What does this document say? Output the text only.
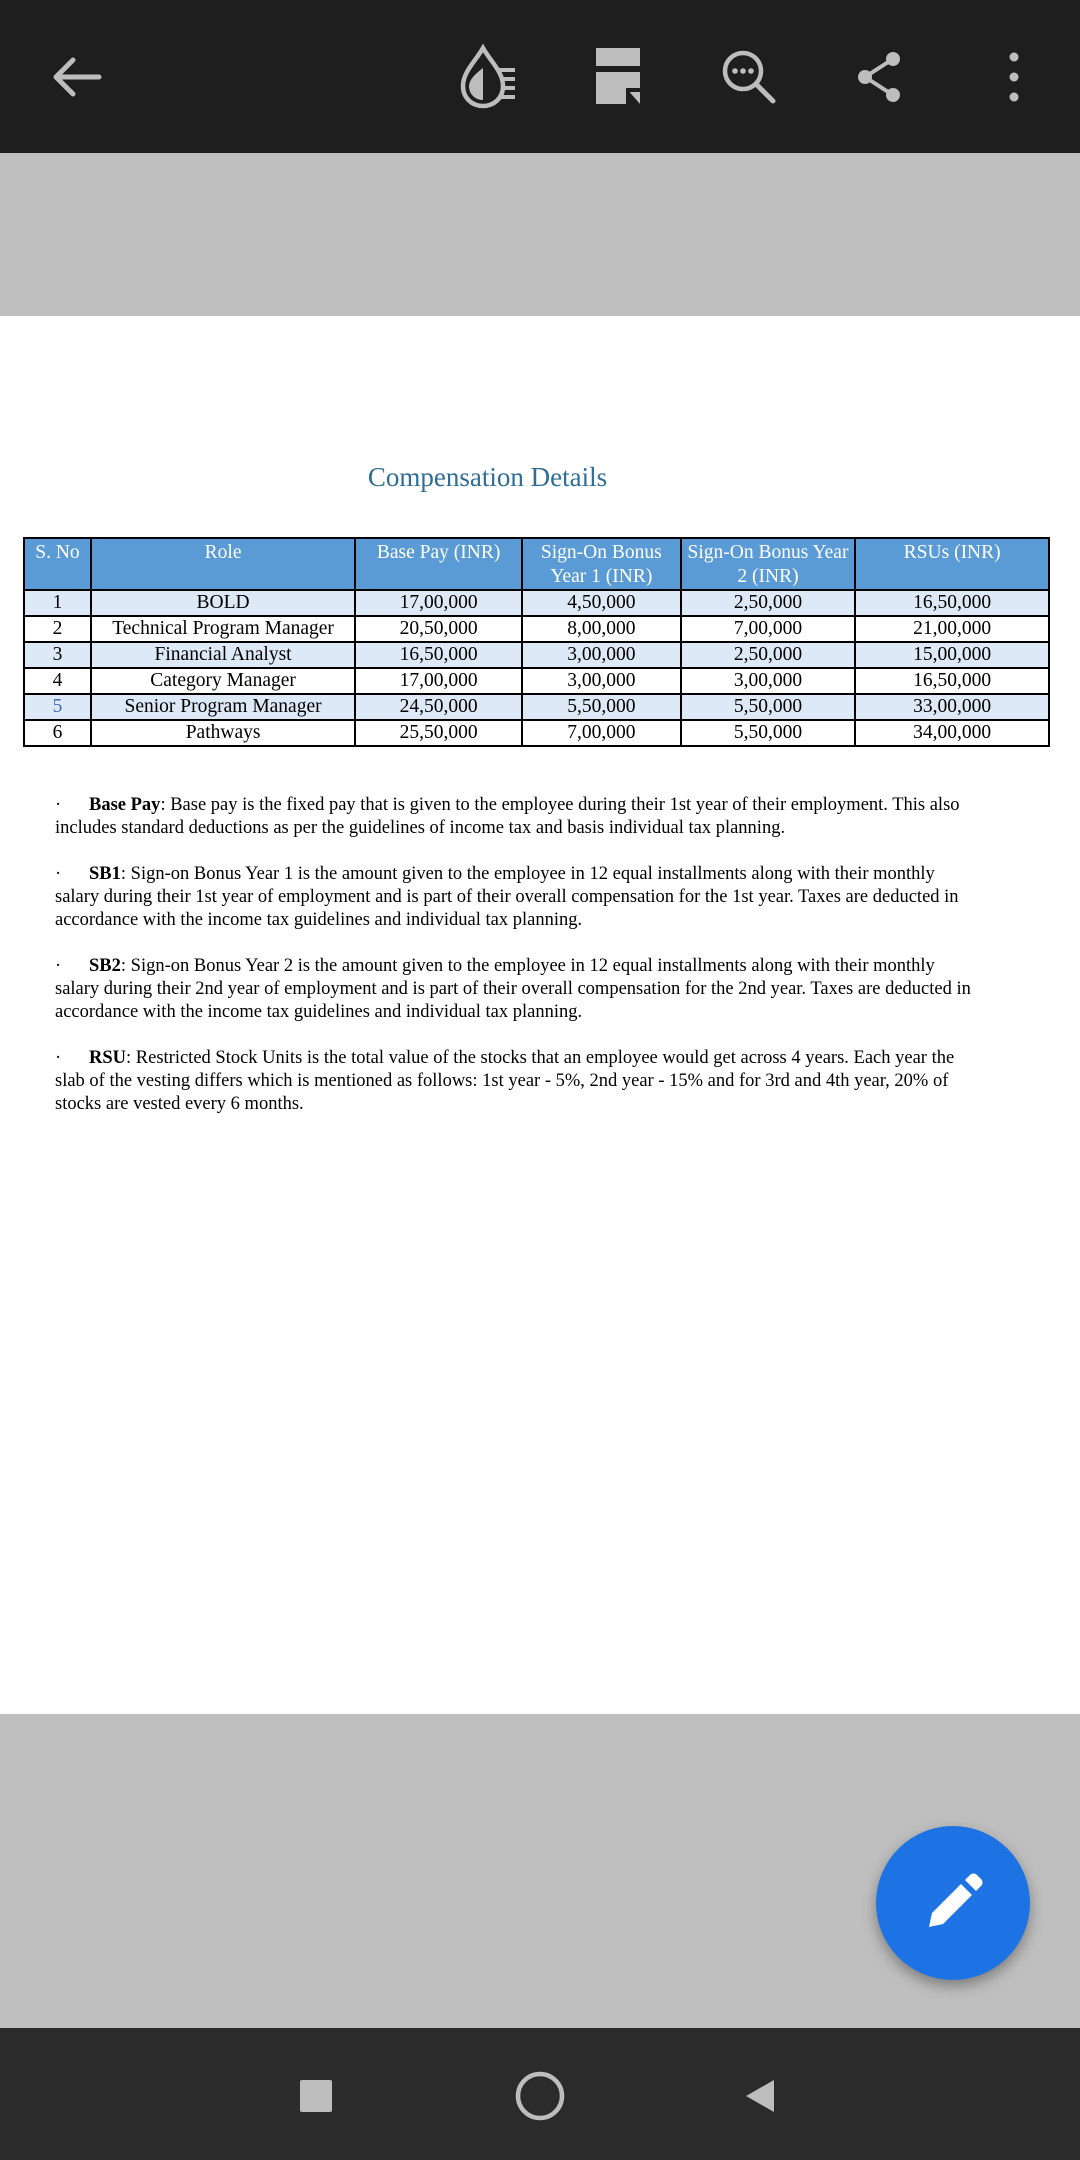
Compensation Details
S. No	Role	Base Pay (INR)	Sign-On Bonus Year 1 (INR)	Sign-On Bonus Year 2 (INR)	RSUs (INR)
1	BOLD	17,00,000	4,50,000	2,50,000	16,50,000
2	Technical Program Manager	20,50,000	8,00,000	7,00,000	21,00,000
3	Financial Analyst	16,50,000	3,00,000	2,50,000	15,00,000
4	Category Manager	17,00,000	3,00,000	3,00,000	16,50,000
5	Senior Program Manager	24,50,000	5,50,000	5,50,000	33,00,000
6	Pathways	25,50,000	7,00,000	5,50,000	34,00,000

· Base Pay: Base pay is the fixed pay that is given to the employee during their 1st year of their employment. This also includes standard deductions as per the guidelines of income tax and basis individual tax planning.

· SB1: Sign-on Bonus Year 1 is the amount given to the employee in 12 equal installments along with their monthly salary during their 1st year of employment and is part of their overall compensation for the 1st year. Taxes are deducted in accordance with the income tax guidelines and individual tax planning.

· SB2: Sign-on Bonus Year 2 is the amount given to the employee in 12 equal installments along with their monthly salary during their 2nd year of employment and is part of their overall compensation for the 2nd year. Taxes are deducted in accordance with the income tax guidelines and individual tax planning.

· RSU: Restricted Stock Units is the total value of the stocks that an employee would get across 4 years. Each year the slab of the vesting differs which is mentioned as follows: 1st year - 5%, 2nd year - 15% and for 3rd and 4th year, 20% of stocks are vested every 6 months.
